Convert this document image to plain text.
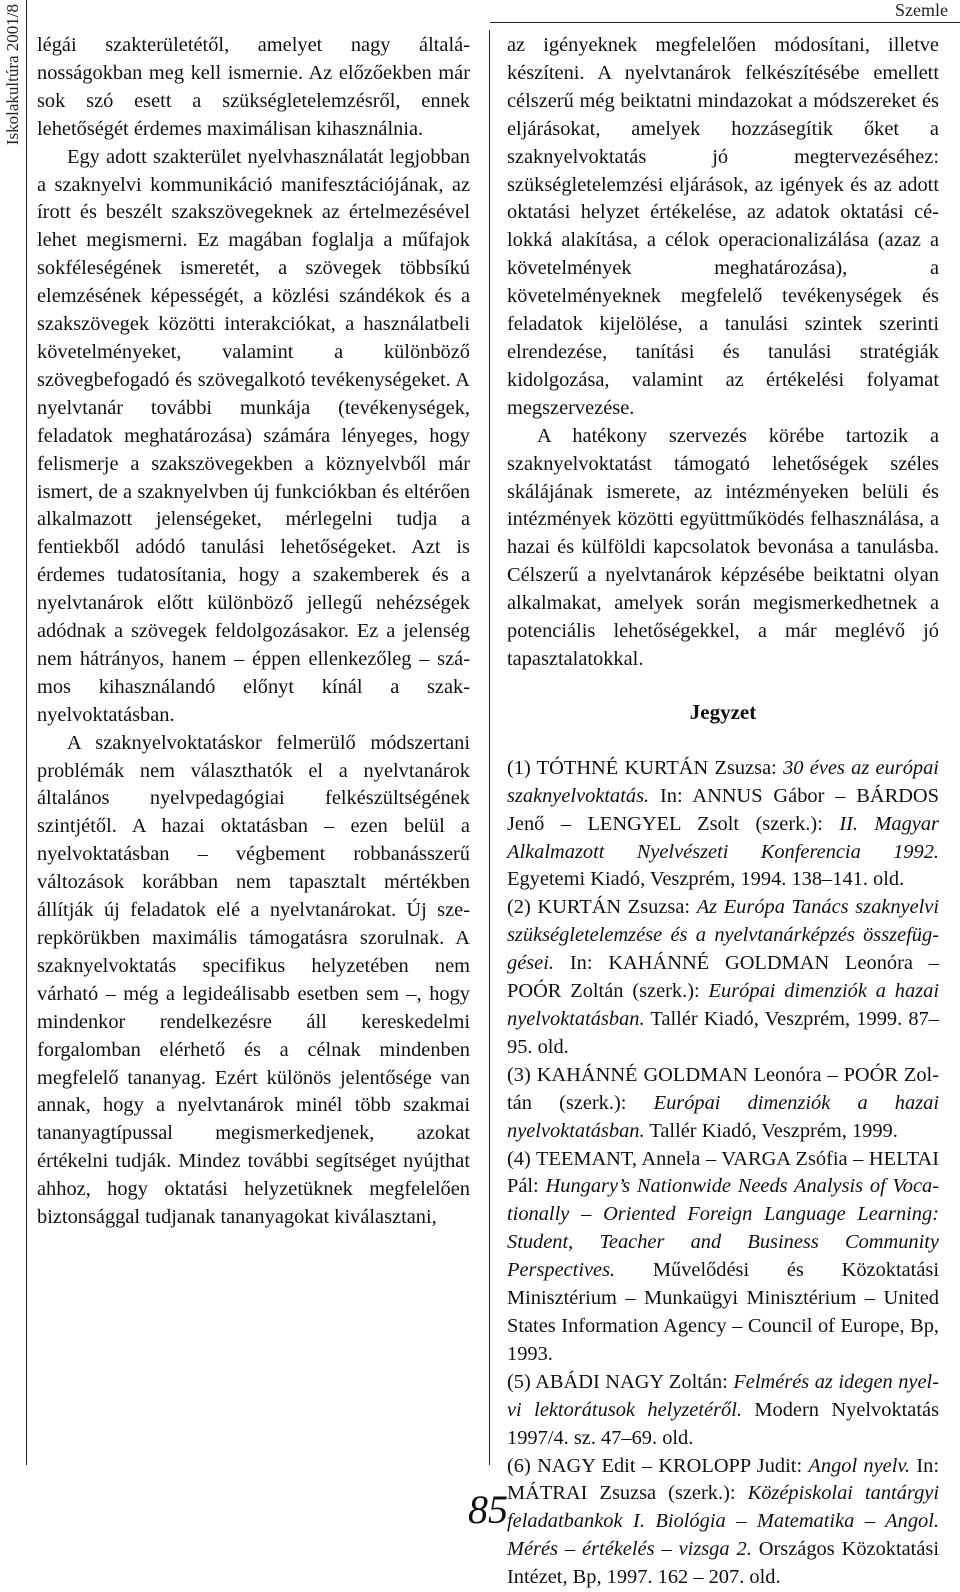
Iskolakultúra 2001/8	Szemle

légái szakterületétől, amelyet nagy általánosságokban meg kell ismernie. Az előzőekben már sok szó esett a szükségletelemzésről, ennek lehetőségét érdemes maximálisan kihasználnia.

Egy adott szakterület nyelvhasználatát legjobban a szaknyelvi kommunikáció manifesztációjának, az írott és beszélt szakszövegeknek az értelmezésével lehet megismerni. Ez magában foglalja a műfajok sokféleségének ismeretét, a szövegek többsíkú elemzésének képességét, a közlési szándékok és a szakszövegek közötti interakciókat, a használatbeli követelményeket, valamint a különböző szövegbefogadó és szövegalkotó tevékenységeket. A nyelvtanár további munkája (tevékenységek, feladatok meghatározása) számára lényeges, hogy felismerje a szakszövegekben a köznyelvből már ismert, de a szaknyelvben új funkciókban és eltérően alkalmazott jelenségeket, mérlegelni tudja a fentiekből adódó tanulási lehetőségeket. Azt is érdemes tudatosítania, hogy a szakemberek és a nyelvtanárok előtt különböző jellegű nehézségek adódnak a szövegek feldolgozásakor. Ez a jelenség nem hátrányos, hanem – éppen ellenkezőleg – számos kihasználandó előnyt kínál a szaknyelvoktatásban.

A szaknyelvoktatáskor felmerülő módszertani problémák nem választhatók el a nyelvtanárok általános nyelvpedagógiai felkészültségének szintjétől. A hazai oktatásban – ezen belül a nyelvoktatásban – végbement robbanásszerű változások korábban nem tapasztalt mértékben állítják új feladatok elé a nyelvtanárokat. Új szerepkörükben maximális támogatásra szorulnak. A szaknyelvoktatás specifikus helyzetében nem várható – még a legideálisabb esetben sem –, hogy mindenkor rendelkezésre áll kereskedelmi forgalomban elérhető és a célnak mindenben megfelelő tananyag. Ezért különös jelentősége van annak, hogy a nyelvtanárok minél több szakmai tananyagtípussal megismerkedjenek, azokat értékelni tudják. Mindez további segítséget nyújthat ahhoz, hogy oktatási helyzetüknek megfelelően biztonsággal tudjanak tananyagokat kiválasztani,

az igényeknek megfelelően módosítani, illetve készíteni. A nyelvtanárok felkészítésébe emellett célszerű még beiktatni mindazokat a módszereket és eljárásokat, amelyek hozzásegítik őket a szaknyelvoktatás jó megtervezéséhez: szükségletelemzési eljárások, az igények és az adott oktatási helyzet értékelése, az adatok oktatási célokká alakítása, a célok operacionalizálása (azaz a követelmények meghatározása), a követelményeknek megfelelő tevékenységek és feladatok kijelölése, a tanulási szintek szerinti elrendezése, tanítási és tanulási stratégiák kidolgozása, valamint az értékelési folyamat megszervezése.

A hatékony szervezés körébe tartozik a szaknyelvoktatást támogató lehetőségek széles skálájának ismerete, az intézményeken belüli és intézmények közötti együttműködés felhasználása, a hazai és külföldi kapcsolatok bevonása a tanulásba. Célszerű a nyelvtanárok képzésébe beiktatni olyan alkalmakat, amelyek során megismerkedhetnek a potenciális lehetőségekkel, a már meglévő jó tapasztalatokkal.

Jegyzet

(1) TÓTHNÉ KURTÁN Zsuzsa: 30 éves az európai szaknyelvoktatás. In: ANNUS Gábor – BÁRDOS Jenő – LENGYEL Zsolt (szerk.): II. Magyar Alkalmazott Nyelvészeti Konferencia 1992. Egyetemi Kiadó, Veszprém, 1994. 138–141. old.

(2) KURTÁN Zsuzsa: Az Európa Tanács szaknyelvi szükségletelemzése és a nyelvtanárképzés összefüggései. In: KAHÁNNÉ GOLDMAN Leonóra – POÓR Zoltán (szerk.): Európai dimenziók a hazai nyelvoktatásban. Tallér Kiadó, Veszprém, 1999. 87–95. old.

(3) KAHÁNNÉ GOLDMAN Leonóra – POÓR Zoltán (szerk.): Európai dimenziók a hazai nyelvoktatásban. Tallér Kiadó, Veszprém, 1999.

(4) TEEMANT, Annela – VARGA Zsófia – HELTAI Pál: Hungary’s Nationwide Needs Analysis of Vocationally – Oriented Foreign Language Learning: Student, Teacher and Business Community Perspectives. Művelődési és Közoktatási Minisztérium – Munkaügyi Minisztérium – United States Information Agency – Council of Europe, Bp, 1993.

(5) ABÁDI NAGY Zoltán: Felmérés az idegen nyelvi lektorátusok helyzetéről. Modern Nyelvoktatás 1997/4. sz. 47–69. old.

(6) NAGY Edit – KROLOPP Judit: Angol nyelv. In: MÁTRAI Zsuzsa (szerk.): Középiskolai tantárgyi feladatbankok I. Biológia – Matematika – Angol. Mérés – értékelés – vizsga 2. Országos Közoktatási Intézet, Bp, 1997. 162 – 207. old.

85
